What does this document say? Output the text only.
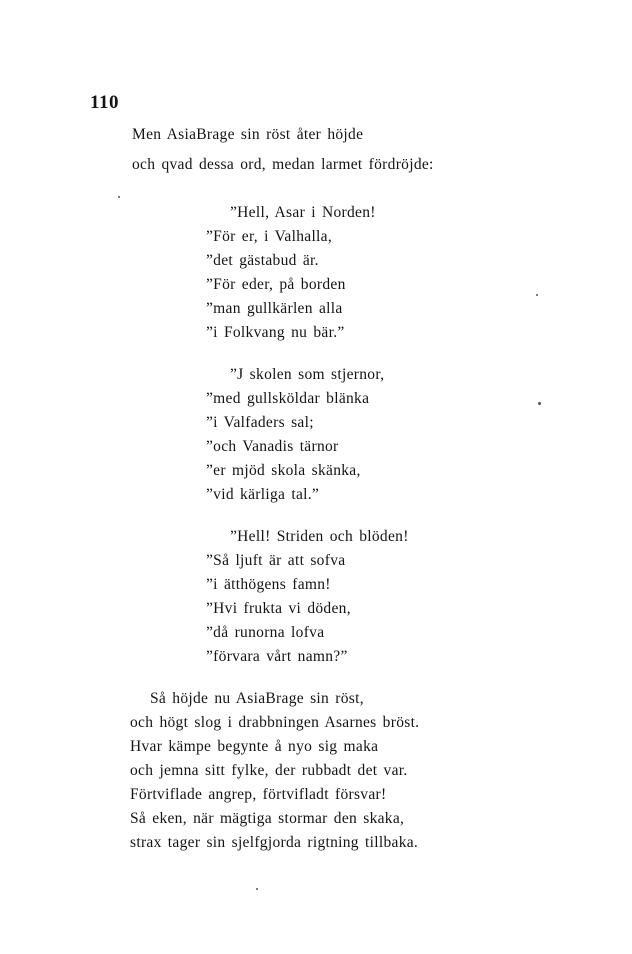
110
Men AsiaBrage sin röst åter höjde
och qvad dessa ord, medan larmet fördröjde:
”Hell, Asar i Norden!
”För er, i Valhalla,
”det gästabud är.
”För eder, på borden
”man gullkärlen alla
”i Folkvang nu bär.”
”J skolen som stjernor,
”med gullsköldar blänka
”i Valfaders sal;
”och Vanadis tärnor
”er mjöd skola skänka,
”vid kärliga tal.”
”Hell! Striden och blöden!
”Så ljuft är att sofva
”i ätthögens famn!
”Hvi frukta vi döden,
”då runorna lofva
”förvara vårt namn?”
Så höjde nu AsiaBrage sin röst,
och högt slog i drabbningen Asarnes bröst.
Hvar kämpe begynte å nyo sig maka
och jemna sitt fylke, der rubbadt det var.
Förtviflade angrep, förtvifladt försvar!
Så eken, när mägtiga stormar den skaka,
strax tager sin sjelfgjorda rigtning tillbaka.
